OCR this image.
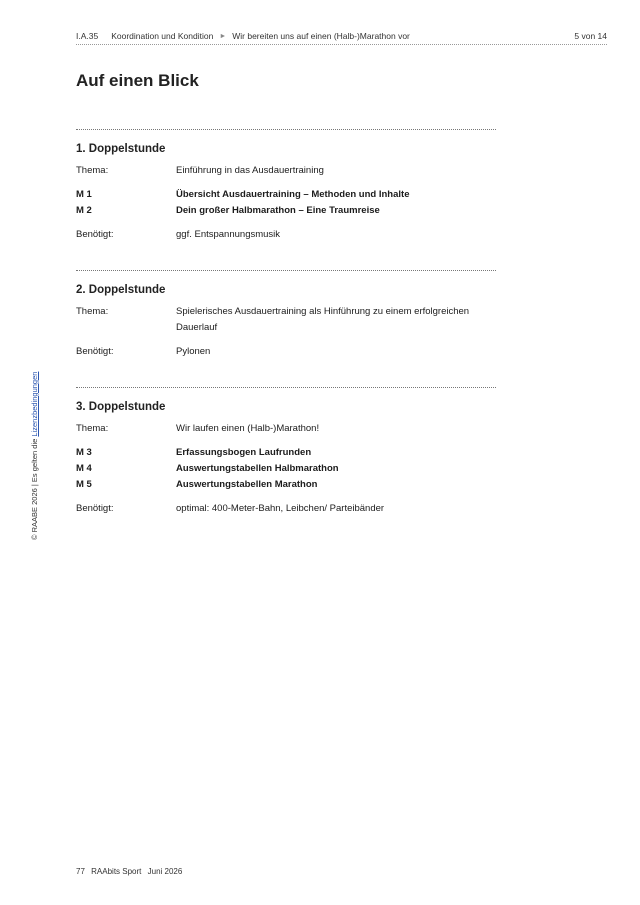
I.A.35 Koordination und Kondition ► Wir bereiten uns auf einen (Halb-)Marathon vor	5 von 14
Auf einen Blick
1. Doppelstunde
Thema:	Einführung in das Ausdauertraining
M 1	Übersicht Ausdauertraining – Methoden und Inhalte
M 2	Dein großer Halbmarathon – Eine Traumreise
Benötigt:	ggf. Entspannungsmusik
2. Doppelstunde
Thema:	Spielerisches Ausdauertraining als Hinführung zu einem erfolgreichen
Dauerlauf
Benötigt:	Pylonen
3. Doppelstunde
Thema:	Wir laufen einen (Halb-)Marathon!
M 3	Erfassungsbogen Laufrunden
M 4	Auswertungstabellen Halbmarathon
M 5	Auswertungstabellen Marathon
Benötigt:	optimal: 400-Meter-Bahn, Leibchen/ Parteibänder
© RAABE 2026 | Es gelten die Lizenzbedingungen
77 RAAbits Sport Juni 2026
